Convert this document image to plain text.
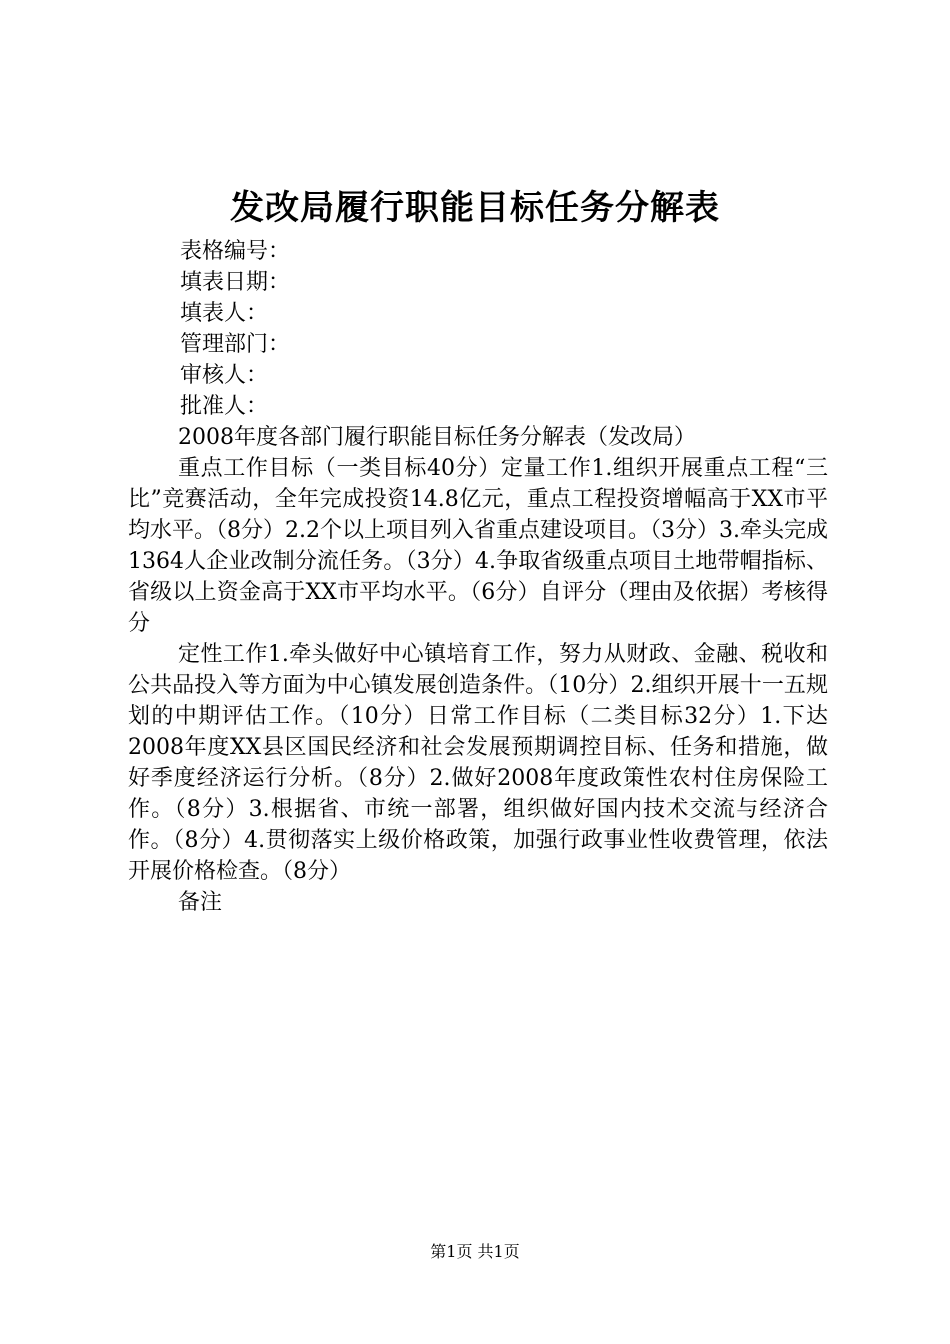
发改局履行职能目标任务分解表
表格编号：
填表日期：
填表人：
管理部门：
审核人：
批准人：

2008年度各部门履行职能目标任务分解表（发改局）

重点工作目标（一类目标40分）定量工作1.组织开展重点工程“三比”竞赛活动，全年完成投资14.8亿元，重点工程投资增幅高于XX市平均水平。（8分）2.2个以上项目列入省重点建设项目。（3分）3.牵头完成1364人企业改制分流任务。（3分）4.争取省级重点项目土地带帽指标、省级以上资金高于XX市平均水平。（6分）自评分（理由及依据）考核得分

定性工作1.牵头做好中心镇培育工作，努力从财政、金融、税收和公共品投入等方面为中心镇发展创造条件。（10分）2.组织开展十一五规划的中期评估工作。（10分）日常工作目标（二类目标32分）1.下达2008年度XX县区国民经济和社会发展预期调控目标、任务和措施，做好季度经济运行分析。（8分）2.做好2008年度政策性农村住房保险工作。（8分）3.根据省、市统一部署，组织做好国内技术交流与经济合作。（8分）4.贯彻落实上级价格政策，加强行政事业性收费管理，依法开展价格检查。（8分）

备注

第1页 共1页
